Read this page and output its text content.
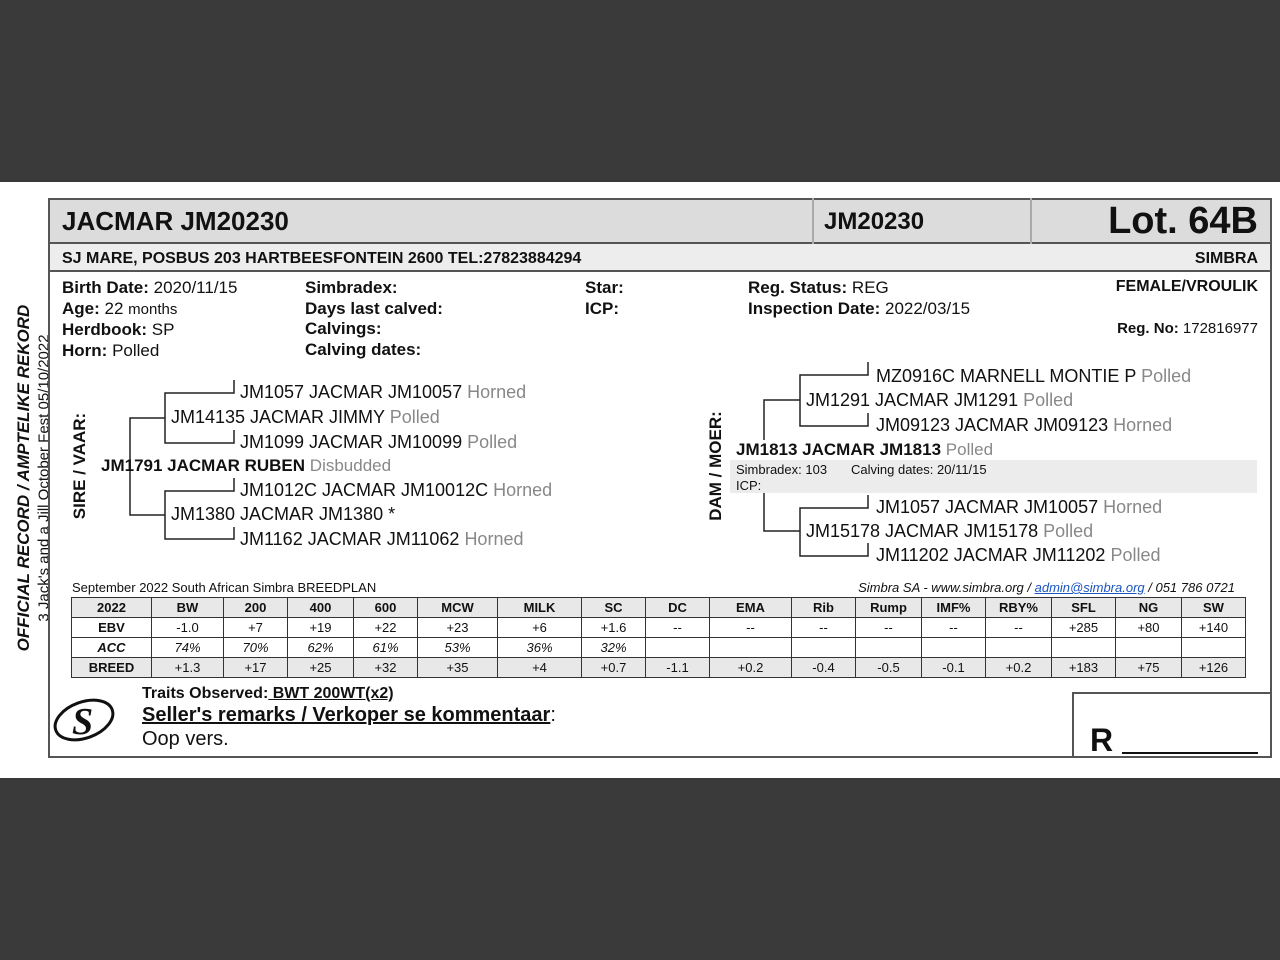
OFFICIAL RECORD / AMPTELIKE REKORD 3 Jack's and a Jill October Fest 05/10/2022
JACMAR JM20230	JM20230	Lot. 64B
SJ MARE, POSBUS 203 HARTBEESFONTEIN 2600 TEL:27823884294	SIMBRA
Birth Date: 2020/11/15
Age: 22 months
Herdbook: SP
Horn: Polled
Simbradex:
Days last calved:
Calvings:
Calving dates:
Star:
ICP:
Reg. Status: REG
Inspection Date: 2022/03/15
FEMALE/VROULIK
Reg. No: 172816977
SIRE / VAAR:
JM1057 JACMAR JM10057 Horned
JM14135 JACMAR JIMMY Polled
JM1099 JACMAR JM10099 Polled
JM1791 JACMAR RUBEN Disbudded
JM1012C JACMAR JM10012C Horned
JM1380 JACMAR JM1380 *
JM1162 JACMAR JM11062 Horned
DAM / MOER:
MZ0916C MARNELL MONTIE P Polled
JM1291 JACMAR JM1291 Polled
JM09123 JACMAR JM09123 Horned
JM1813 JACMAR JM1813 Polled
Simbradex: 103 Calving dates: 20/11/15
ICP:
JM1057 JACMAR JM10057 Horned
JM15178 JACMAR JM15178 Polled
JM11202 JACMAR JM11202 Polled
September 2022 South African Simbra BREEDPLAN	Simbra SA - www.simbra.org / admin@simbra.org / 051 786 0721
2022	BW	200	400	600	MCW	MILK	SC	DC	EMA	Rib	Rump	IMF%	RBY%	SFL	NG	SW
EBV	-1.0	+7	+19	+22	+23	+6	+1.6	--	--	--	--	--	--	+285	+80	+140
ACC	74%	70%	62%	61%	53%	36%	32%									
BREED	+1.3	+17	+25	+32	+35	+4	+0.7	-1.1	+0.2	-0.4	-0.5	-0.1	+0.2	+183	+75	+126
S
Traits Observed: BWT 200WT(x2)
Seller's remarks / Verkoper se kommentaar:
Oop vers.	R
